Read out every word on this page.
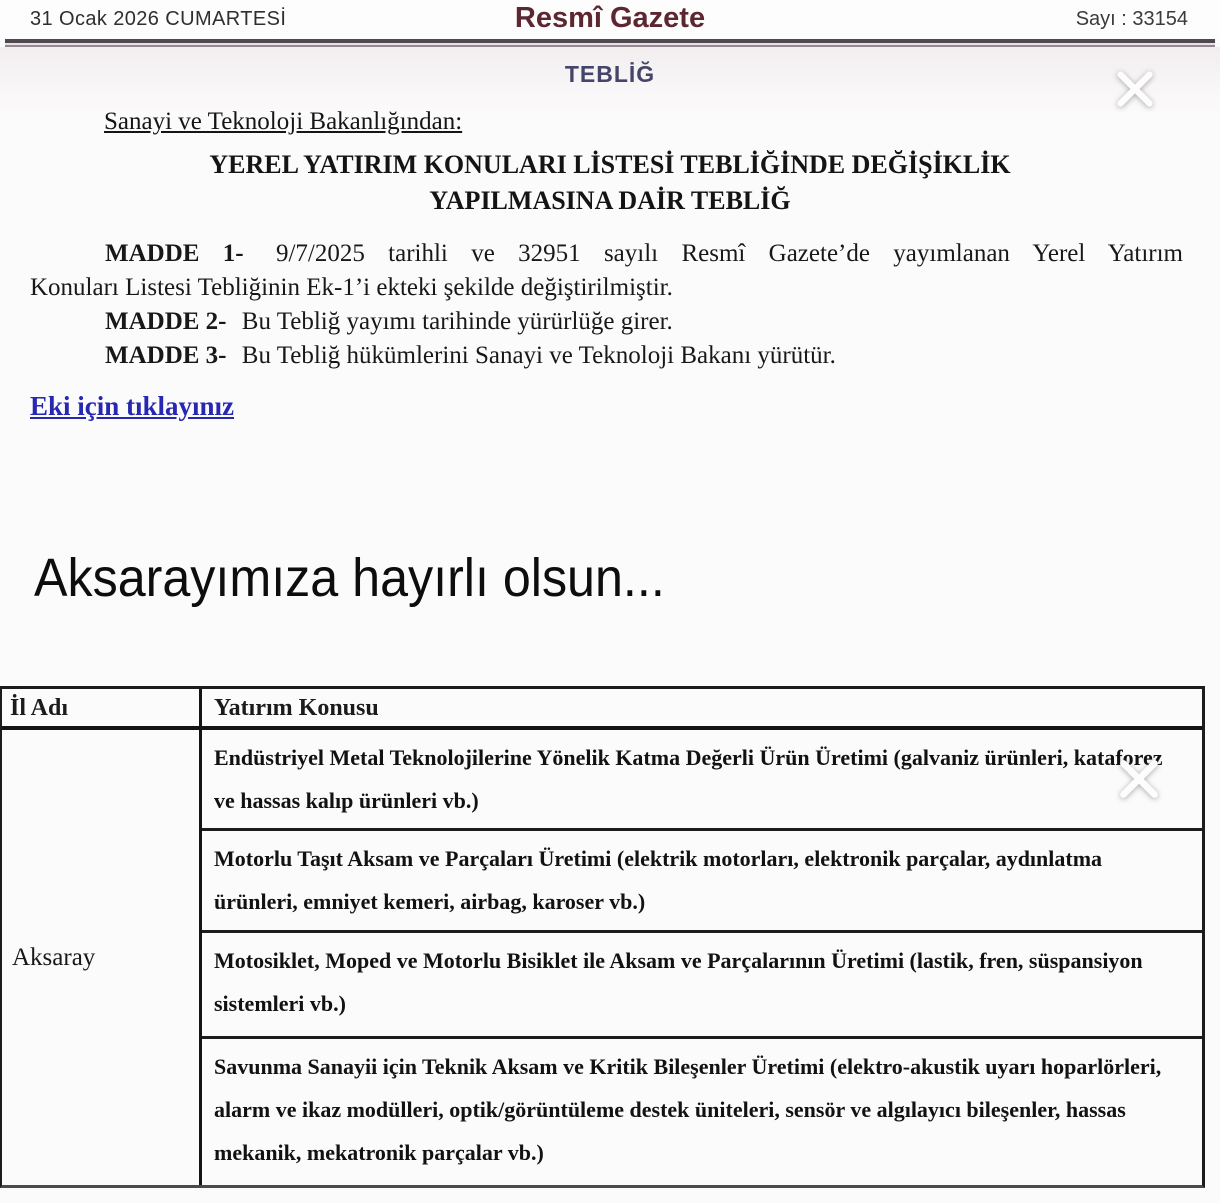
31 Ocak 2026 CUMARTESİ	Resmî Gazete	Sayı : 33154
TEBLİĞ
Sanayi ve Teknoloji Bakanlığından:
YEREL YATIRIM KONULARI LİSTESİ TEBLİĞİNDE DEĞİŞİKLİK
YAPILMASINA DAİR TEBLİĞ

MADDE 1- 9/7/2025 tarihli ve 32951 sayılı Resmî Gazete’de yayımlanan Yerel Yatırım

Konuları Listesi Tebliğinin Ek-1’i ekteki şekilde değiştirilmiştir.

MADDE 2- Bu Tebliğ yayımı tarihinde yürürlüğe girer.

MADDE 3- Bu Tebliğ hükümlerini Sanayi ve Teknoloji Bakanı yürütür.

Eki için tıklayınız
Aksarayımıza hayırlı olsun...
İl Adı	Yatırım Konusu
Aksaray
Endüstriyel Metal Teknolojilerine Yönelik Katma Değerli Ürün Üretimi (galvaniz ürünleri, kataforez ve hassas kalıp ürünleri vb.)
Motorlu Taşıt Aksam ve Parçaları Üretimi (elektrik motorları, elektronik parçalar, aydınlatma ürünleri, emniyet kemeri, airbag, karoser vb.)
Motosiklet, Moped ve Motorlu Bisiklet ile Aksam ve Parçalarının Üretimi (lastik, fren, süspansiyon sistemleri vb.)
Savunma Sanayii için Teknik Aksam ve Kritik Bileşenler Üretimi (elektro-akustik uyarı hoparlörleri, alarm ve ikaz modülleri, optik/görüntüleme destek üniteleri, sensör ve algılayıcı bileşenler, hassas mekanik, mekatronik parçalar vb.)
